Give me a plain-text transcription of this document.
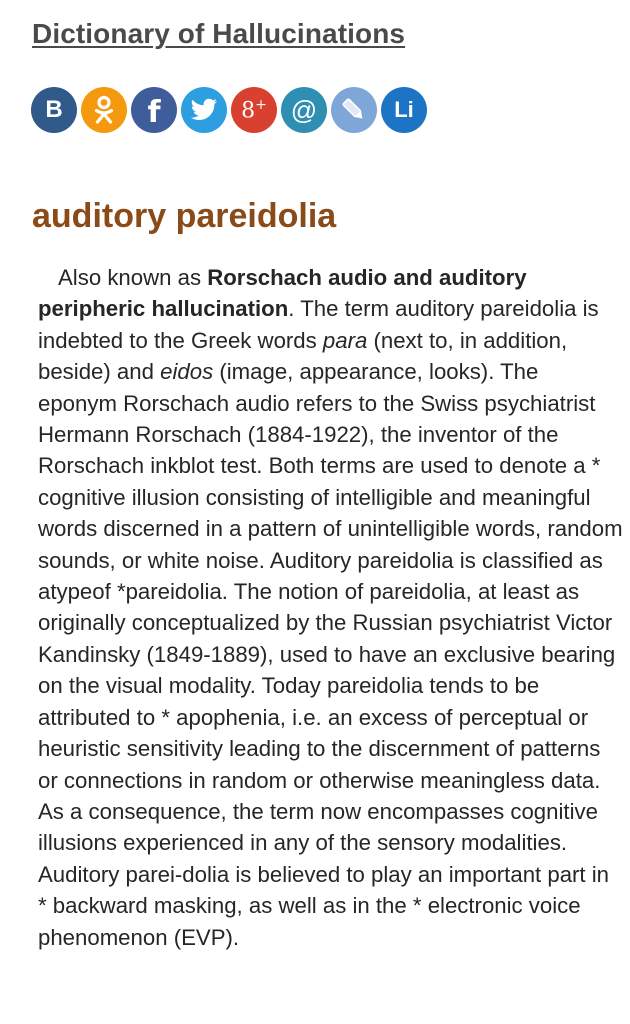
Dictionary of Hallucinations
B	f	8+ @	Li
auditory pareidolia

Also known as Rorschach audio and auditory peripheric hallucination. The term auditory pareidolia is indebted to the Greek words para (next to, in addition, beside) and eidos (image, appearance, looks). The eponym Rorschach audio refers to the Swiss psychiatrist Hermann Rorschach (1884-1922), the inventor of the Rorschach inkblot test. Both terms are used to denote a * cognitive illusion consisting of intelligible and meaningful words discerned in a pattern of unintelligible words, random sounds, or white noise. Auditory pareidolia is classified as atypeof *pareidolia. The notion of pareidolia, at least as originally conceptualized by the Russian psychiatrist Victor Kandinsky (1849-1889), used to have an exclusive bearing on the visual modality. Today pareidolia tends to be attributed to * apophenia, i.e. an excess of perceptual or heuristic sensitivity leading to the discernment of patterns or connections in random or otherwise meaningless data. As a consequence, the term now encompasses cognitive illusions experienced in any of the sensory modalities. Auditory parei-dolia is believed to play an important part in * backward masking, as well as in the * electronic voice phenomenon (EVP).
